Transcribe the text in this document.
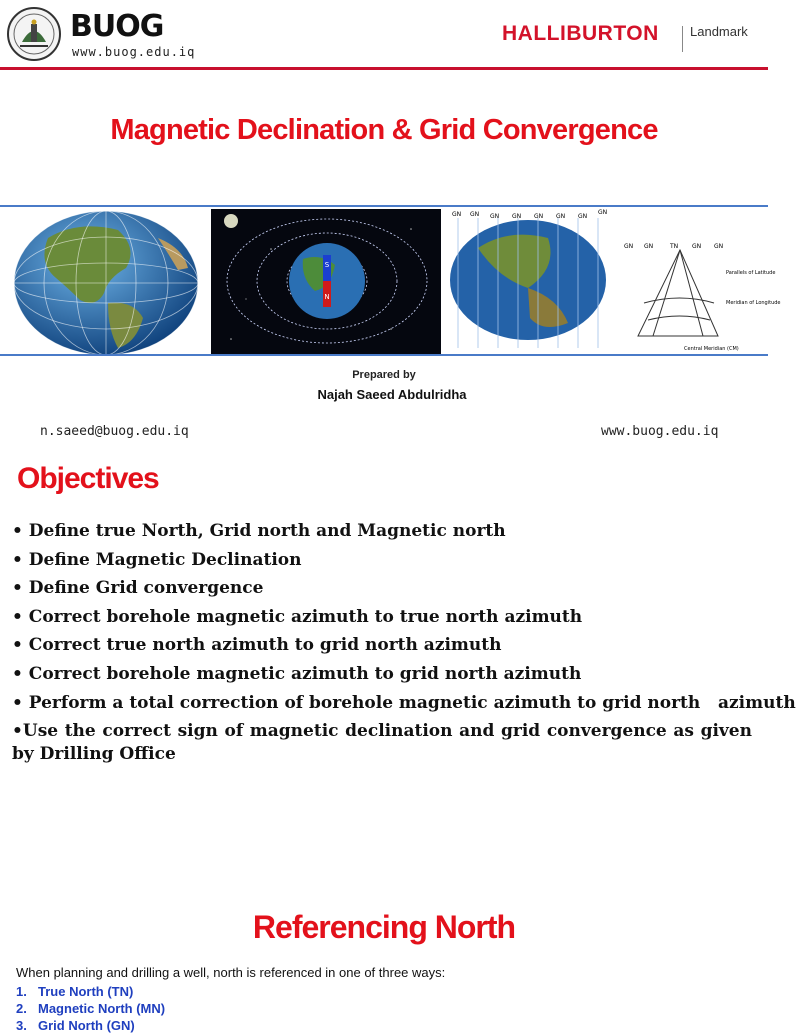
BUOG
www.buog.edu.iq
HALLIBURTON Landmark
Magnetic Declination & Grid Convergence
S
N
GN GN GN GN GN GN GN
GN
GN GN	TN GN GN
Parallels of Latitude
Meridian of Longitude
Central Meridian (CM)
Prepared by
Najah Saeed Abdulridha
n.saeed@buog.edu.iq	www.buog.edu.iq
Objectives
• Define true North, Grid north and Magnetic north
• Define Magnetic Declination
• Define Grid convergence
• Correct borehole magnetic azimuth to true north azimuth
• Correct true north azimuth to grid north azimuth
• Correct borehole magnetic azimuth to grid north azimuth
• Perform a total correction of borehole magnetic azimuth to grid north   azimuth
•Use the correct sign of magnetic declination and grid convergence as given by Drilling Office
Referencing North
When planning and drilling a well, north is referenced in one of three ways:
1. True North (TN)
2. Magnetic North (MN)
3. Grid North (GN)
